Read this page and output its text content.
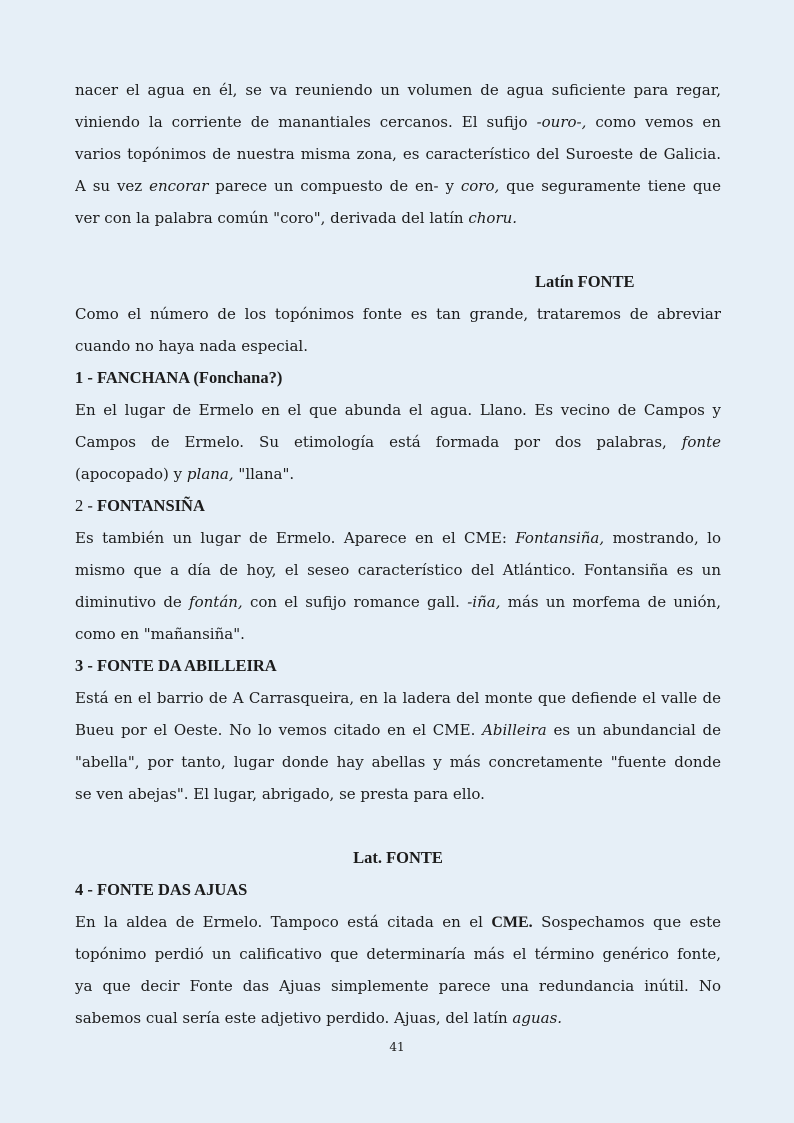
nacer el agua en él, se va reuniendo un volumen de agua suficiente para regar,
viniendo la corriente de manantiales cercanos. El sufijo -ouro-, como vemos en
varios topónimos de nuestra misma zona, es característico del Suroeste de Galicia.
A su vez encorar parece un compuesto de en- y coro, que seguramente tiene que
ver con la palabra común "coro", derivada del latín choru.
Latín FONTE
Como el número de los topónimos fonte es tan grande, trataremos de abreviar
cuando no haya nada especial.
1 - FANCHANA (Fonchana?)
En el lugar de Ermelo en el que abunda el agua. Llano. Es vecino de Campos y
Campos de Ermelo. Su etimología está formada por dos palabras, fonte
(apocopado) y plana, "llana".
2 - FONTANSIÑA
Es también un lugar de Ermelo. Aparece en el CME: Fontansiña, mostrando, lo
mismo que a día de hoy, el seseo característico del Atlántico. Fontansiña es un
diminutivo de fontán, con el sufijo romance gall. -iña, más un morfema de unión,
como en "mañansiña".
3 - FONTE DA ABILLEIRA
Está en el barrio de A Carrasqueira, en la ladera del monte que defiende el valle de
Bueu por el Oeste. No lo vemos citado en el CME. Abilleira es un abundancial de
"abella", por tanto, lugar donde hay abellas y más concretamente "fuente donde
se ven abejas". El lugar, abrigado, se presta para ello.
Lat. FONTE
4 - FONTE DAS AJUAS
En la aldea de Ermelo. Tampoco está citada en el CME. Sospechamos que este
topónimo perdió un calificativo que determinaría más el término genérico fonte,
ya que decir Fonte das Ajuas simplemente parece una redundancia inútil. No
sabemos cual sería este adjetivo perdido. Ajuas, del latín aguas.
41
